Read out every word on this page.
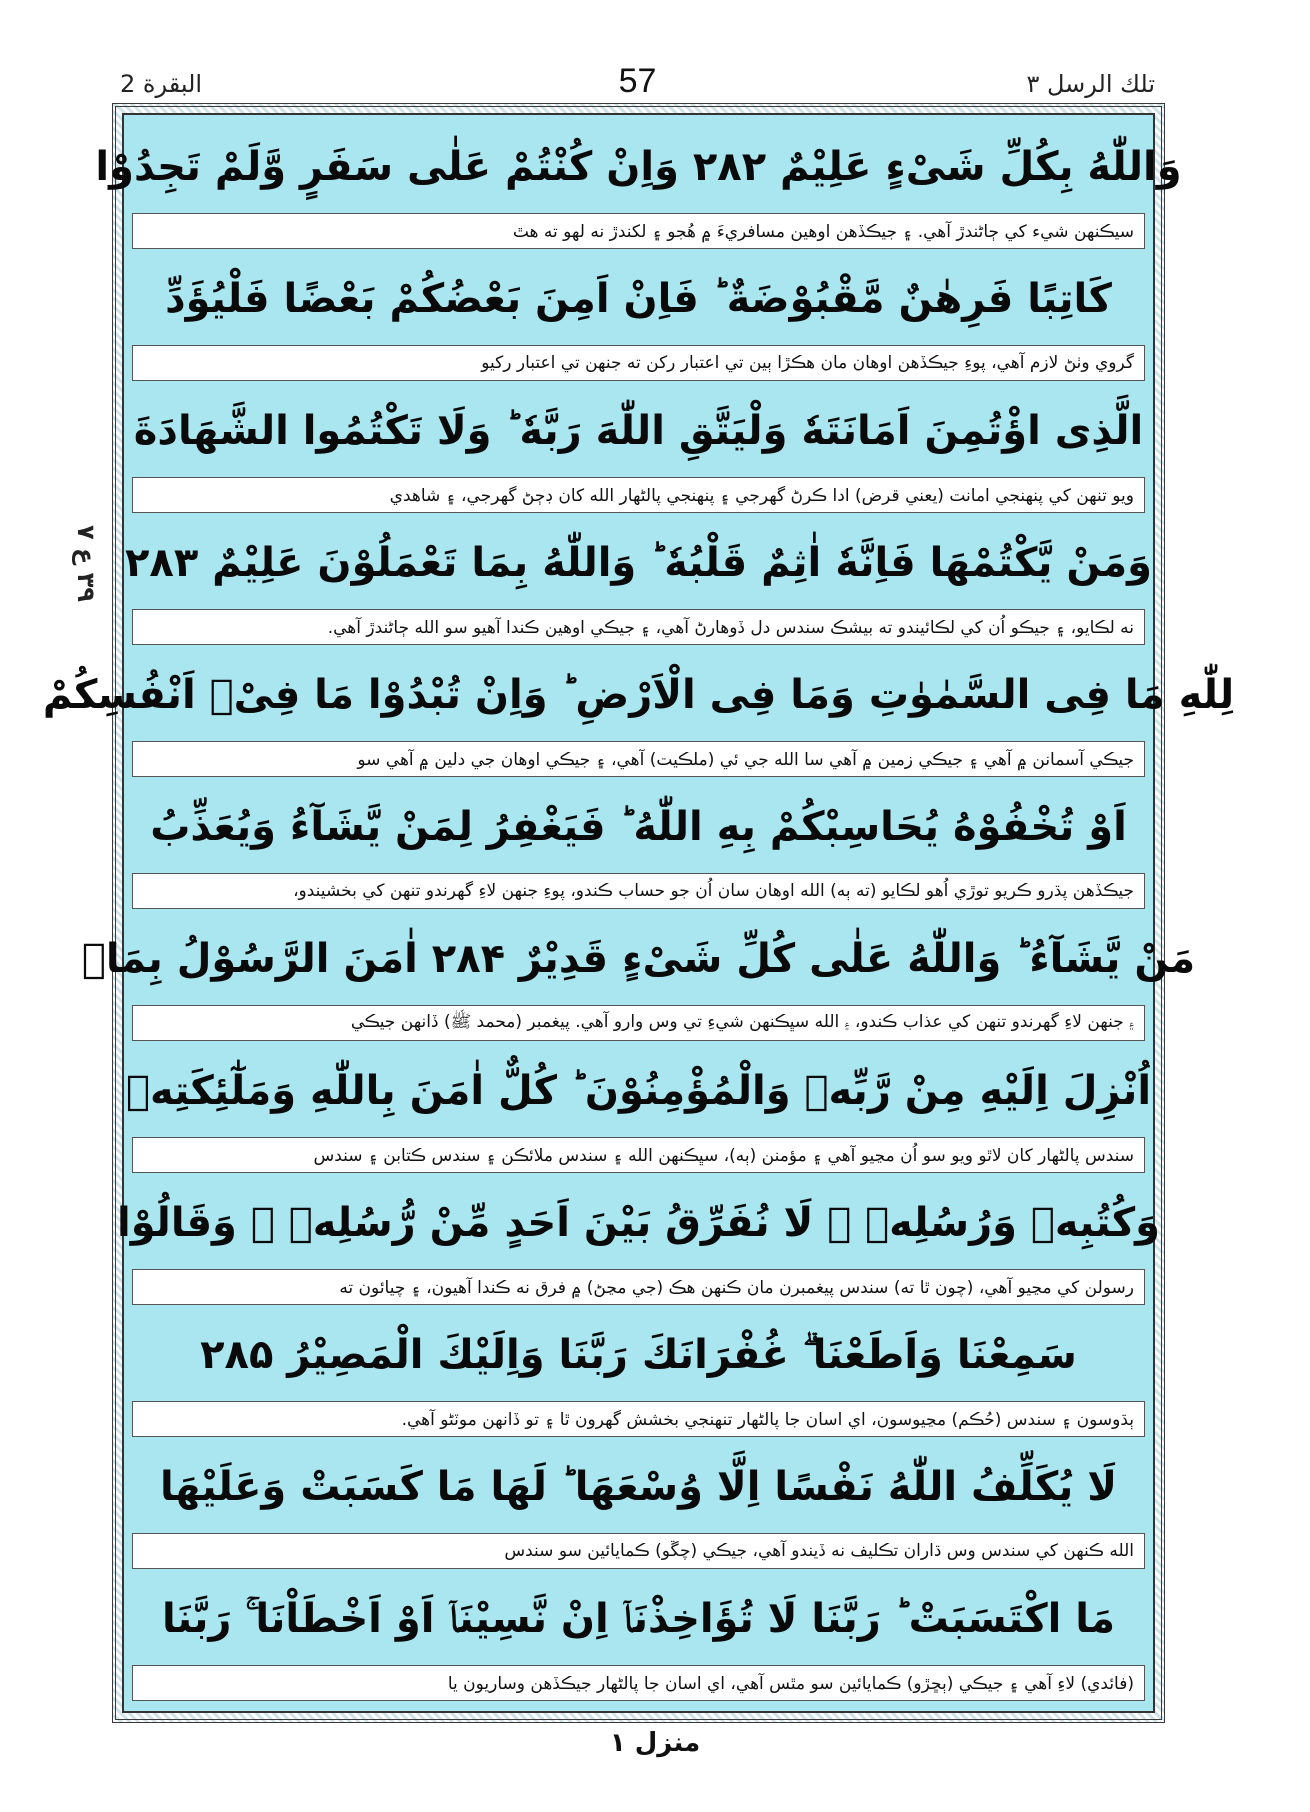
البقرة 2	57	تلك الرسل ٣
٣٩ ع ٧
وَاللّٰهُ بِكُلِّ شَیْءٍ عَلِیْمٌ ۲۸۲ وَاِنْ كُنْتُمْ عَلٰی سَفَرٍ وَّلَمْ تَجِدُوْا
سيڪنهن شيء کي ڄاڻندڙ آهي. ۽ جيڪڏهن اوهين مسافريءَ ۾ هُجو ۽ لکندڙ نه لهو ته هٿ
كَاتِبًا فَرِهٰنٌ مَّقْبُوْضَةٌ ؕ فَاِنْ اَمِنَ بَعْضُكُمْ بَعْضًا فَلْیُؤَدِّ
گروي وٺڻ لازم آهي، پوءِ جيڪڏهن اوهان مان هڪڙا ٻين تي اعتبار رکن ته جنهن تي اعتبار رکيو
الَّذِی اؤْتُمِنَ اَمَانَتَهٗ وَلْیَتَّقِ اللّٰهَ رَبَّهٗ ؕ وَلَا تَكْتُمُوا الشَّهَادَةَ
ويو تنهن کي پنهنجي امانت (يعني قرض) ادا ڪرڻ گهرجي ۽ پنهنجي پالڻهار الله کان ڊڄڻ گهرجي، ۽ شاهدي
وَمَنْ یَّكْتُمْهَا فَاِنَّهٗ اٰثِمٌ قَلْبُهٗ ؕ وَاللّٰهُ بِمَا تَعْمَلُوْنَ عَلِیْمٌ ۲۸۳
نه لڪايو، ۽ جيڪو اُن کي لڪائيندو ته بيشڪ سندس دل ڏوهارڻ آهي، ۽ جيڪي اوهين ڪندا آهيو سو الله ڄاڻندڙ آهي.
لِلّٰهِ مَا فِی السَّمٰوٰتِ وَمَا فِی الْاَرْضِ ؕ وَاِنْ تُبْدُوْا مَا فِیْۤ اَنْفُسِكُمْ
جيڪي آسمانن ۾ آهي ۽ جيڪي زمين ۾ آهي سا الله جي ئي (ملڪيت) آهي، ۽ جيڪي اوهان جي دلين ۾ آهي سو
اَوْ تُخْفُوْهُ یُحَاسِبْكُمْ بِهِ اللّٰهُ ؕ فَیَغْفِرُ لِمَنْ یَّشَآءُ وَیُعَذِّبُ
جيڪڏهن پڌرو ڪريو توڙي اُهو لڪايو (ته ٻه) الله اوهان سان اُن جو حساب ڪندو، پوءِ جنهن لاءِ گهرندو تنهن کي بخشيندو،
مَنْ یَّشَآءُ ؕ وَاللّٰهُ عَلٰی كُلِّ شَیْءٍ قَدِیْرٌ ۲۸۴ اٰمَنَ الرَّسُوْلُ بِمَاۤ
۽ جنهن لاءِ گهرندو تنهن کي عذاب ڪندو، ۽ الله سڀڪنهن شيءِ تي وس وارو آهي. پيغمبر (محمد ﷺ) ڏانهن جيڪي
اُنْزِلَ اِلَیْهِ مِنْ رَّبِّهٖ وَالْمُؤْمِنُوْنَ ؕ كُلٌّ اٰمَنَ بِاللّٰهِ وَمَلٰٓئِكَتِهٖ
سندس پالڻهار کان لاٿو ويو سو اُن مڃيو آهي ۽ مؤمنن (ٻه)، سڀڪنهن الله ۽ سندس ملائڪن ۽ سندس ڪتابن ۽ سندس
وَكُتُبِهٖ وَرُسُلِهٖ ۫ لَا نُفَرِّقُ بَیْنَ اَحَدٍ مِّنْ رُّسُلِهٖ ۫ وَقَالُوْا
رسولن کي مڃيو آهي، (چون ٿا ته) سندس پيغمبرن مان ڪنهن هڪ (جي مڃڻ) ۾ فرق نه ڪندا آهيون، ۽ چيائون ته
سَمِعْنَا وَاَطَعْنَا ۗ غُفْرَانَكَ رَبَّنَا وَاِلَیْكَ الْمَصِیْرُ ۲۸۵
ٻڌوسون ۽ سندس (حُڪم) مڃيوسون، اي اسان جا پالڻهار تنهنجي بخشش گهرون ٿا ۽ تو ڏانهن موٽڻو آهي.
لَا یُكَلِّفُ اللّٰهُ نَفْسًا اِلَّا وُسْعَهَا ؕ لَهَا مَا كَسَبَتْ وَعَلَیْهَا
الله ڪنهن کي سندس وس ڌاران تڪليف نه ڏيندو آهي، جيڪي (چڱو) ڪمايائين سو سندس
مَا اكْتَسَبَتْ ؕ رَبَّنَا لَا تُؤَاخِذْنَاۤ اِنْ نَّسِیْنَاۤ اَوْ اَخْطَاْنَا ۚ رَبَّنَا
(فائدي) لاءِ آهي ۽ جيڪي (ٻڇڙو) ڪمايائين سو مٿس آهي، اي اسان جا پالڻهار جيڪڏهن وساريون يا
منزل ١
